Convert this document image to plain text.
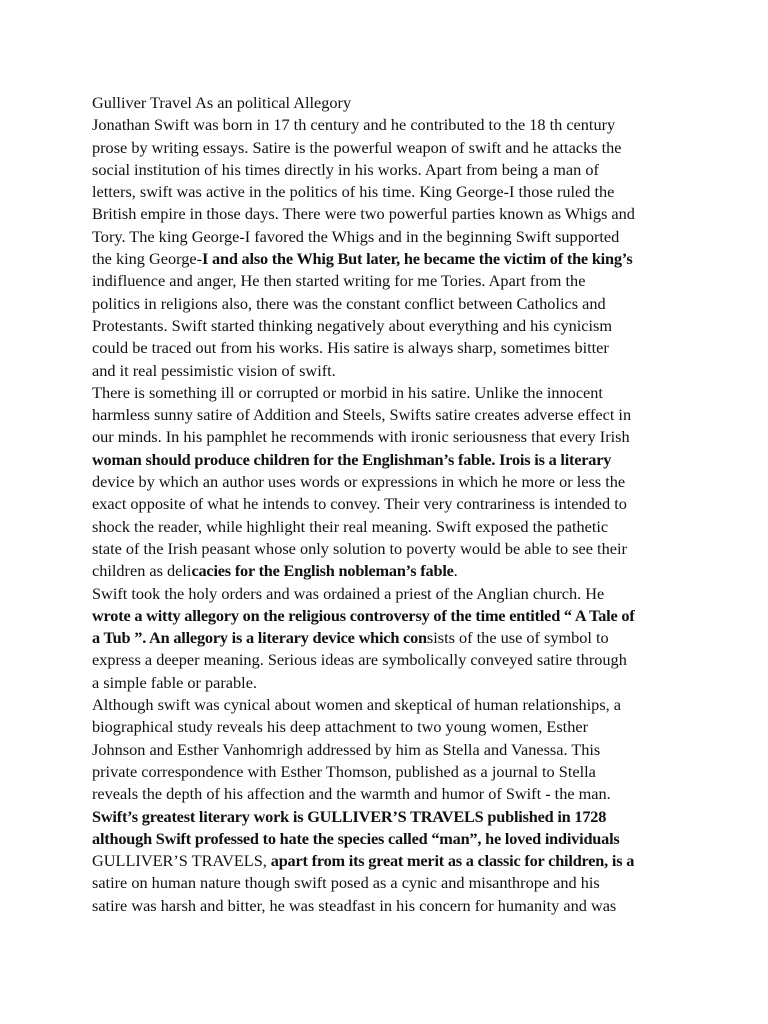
Gulliver Travel As an political Allegory
Jonathan Swift was born in 17 th century and he contributed to the 18 th century
prose by writing essays. Satire is the powerful weapon of swift and he attacks the
social institution of his times directly in his works. Apart from being a man of
letters, swift was active in the politics of his time. King George-I those ruled the
British empire in those days. There were two powerful parties known as Whigs and
Tory. The king George-I favored the Whigs and in the beginning Swift supported
the king George-I and also the Whig But later, he became the victim of the king’s
indifluence and anger, He then started writing for me Tories. Apart from the
politics in religions also, there was the constant conflict between Catholics and
Protestants. Swift started thinking negatively about everything and his cynicism
could be traced out from his works. His satire is always sharp, sometimes bitter
and it real pessimistic vision of swift.
There is something ill or corrupted or morbid in his satire. Unlike the innocent
harmless sunny satire of Addition and Steels, Swifts satire creates adverse effect in
our minds. In his pamphlet he recommends with ironic seriousness that every Irish
woman should produce children for the Englishman’s fable. Irois is a literary
device by which an author uses words or expressions in which he more or less the
exact opposite of what he intends to convey. Their very contrariness is intended to
shock the reader, while highlight their real meaning. Swift exposed the pathetic
state of the Irish peasant whose only solution to poverty would be able to see their
children as delicacies for the English nobleman’s fable.
Swift took the holy orders and was ordained a priest of the Anglian church. He
wrote a witty allegory on the religious controversy of the time entitled “ A Tale of
a Tub ”. An allegory is a literary device which consists of the use of symbol to
express a deeper meaning. Serious ideas are symbolically conveyed satire through
a simple fable or parable.
Although swift was cynical about women and skeptical of human relationships, a
biographical study reveals his deep attachment to two young women, Esther
Johnson and Esther Vanhomrigh addressed by him as Stella and Vanessa. This
private correspondence with Esther Thomson, published as a journal to Stella
reveals the depth of his affection and the warmth and humor of Swift - the man.
Swift’s greatest literary work is GULLIVER’S TRAVELS published in 1728
although Swift professed to hate the species called “man”, he loved individuals
GULLIVER’S TRAVELS, apart from its great merit as a classic for children, is a
satire on human nature though swift posed as a cynic and misanthrope and his
satire was harsh and bitter, he was steadfast in his concern for humanity and was
